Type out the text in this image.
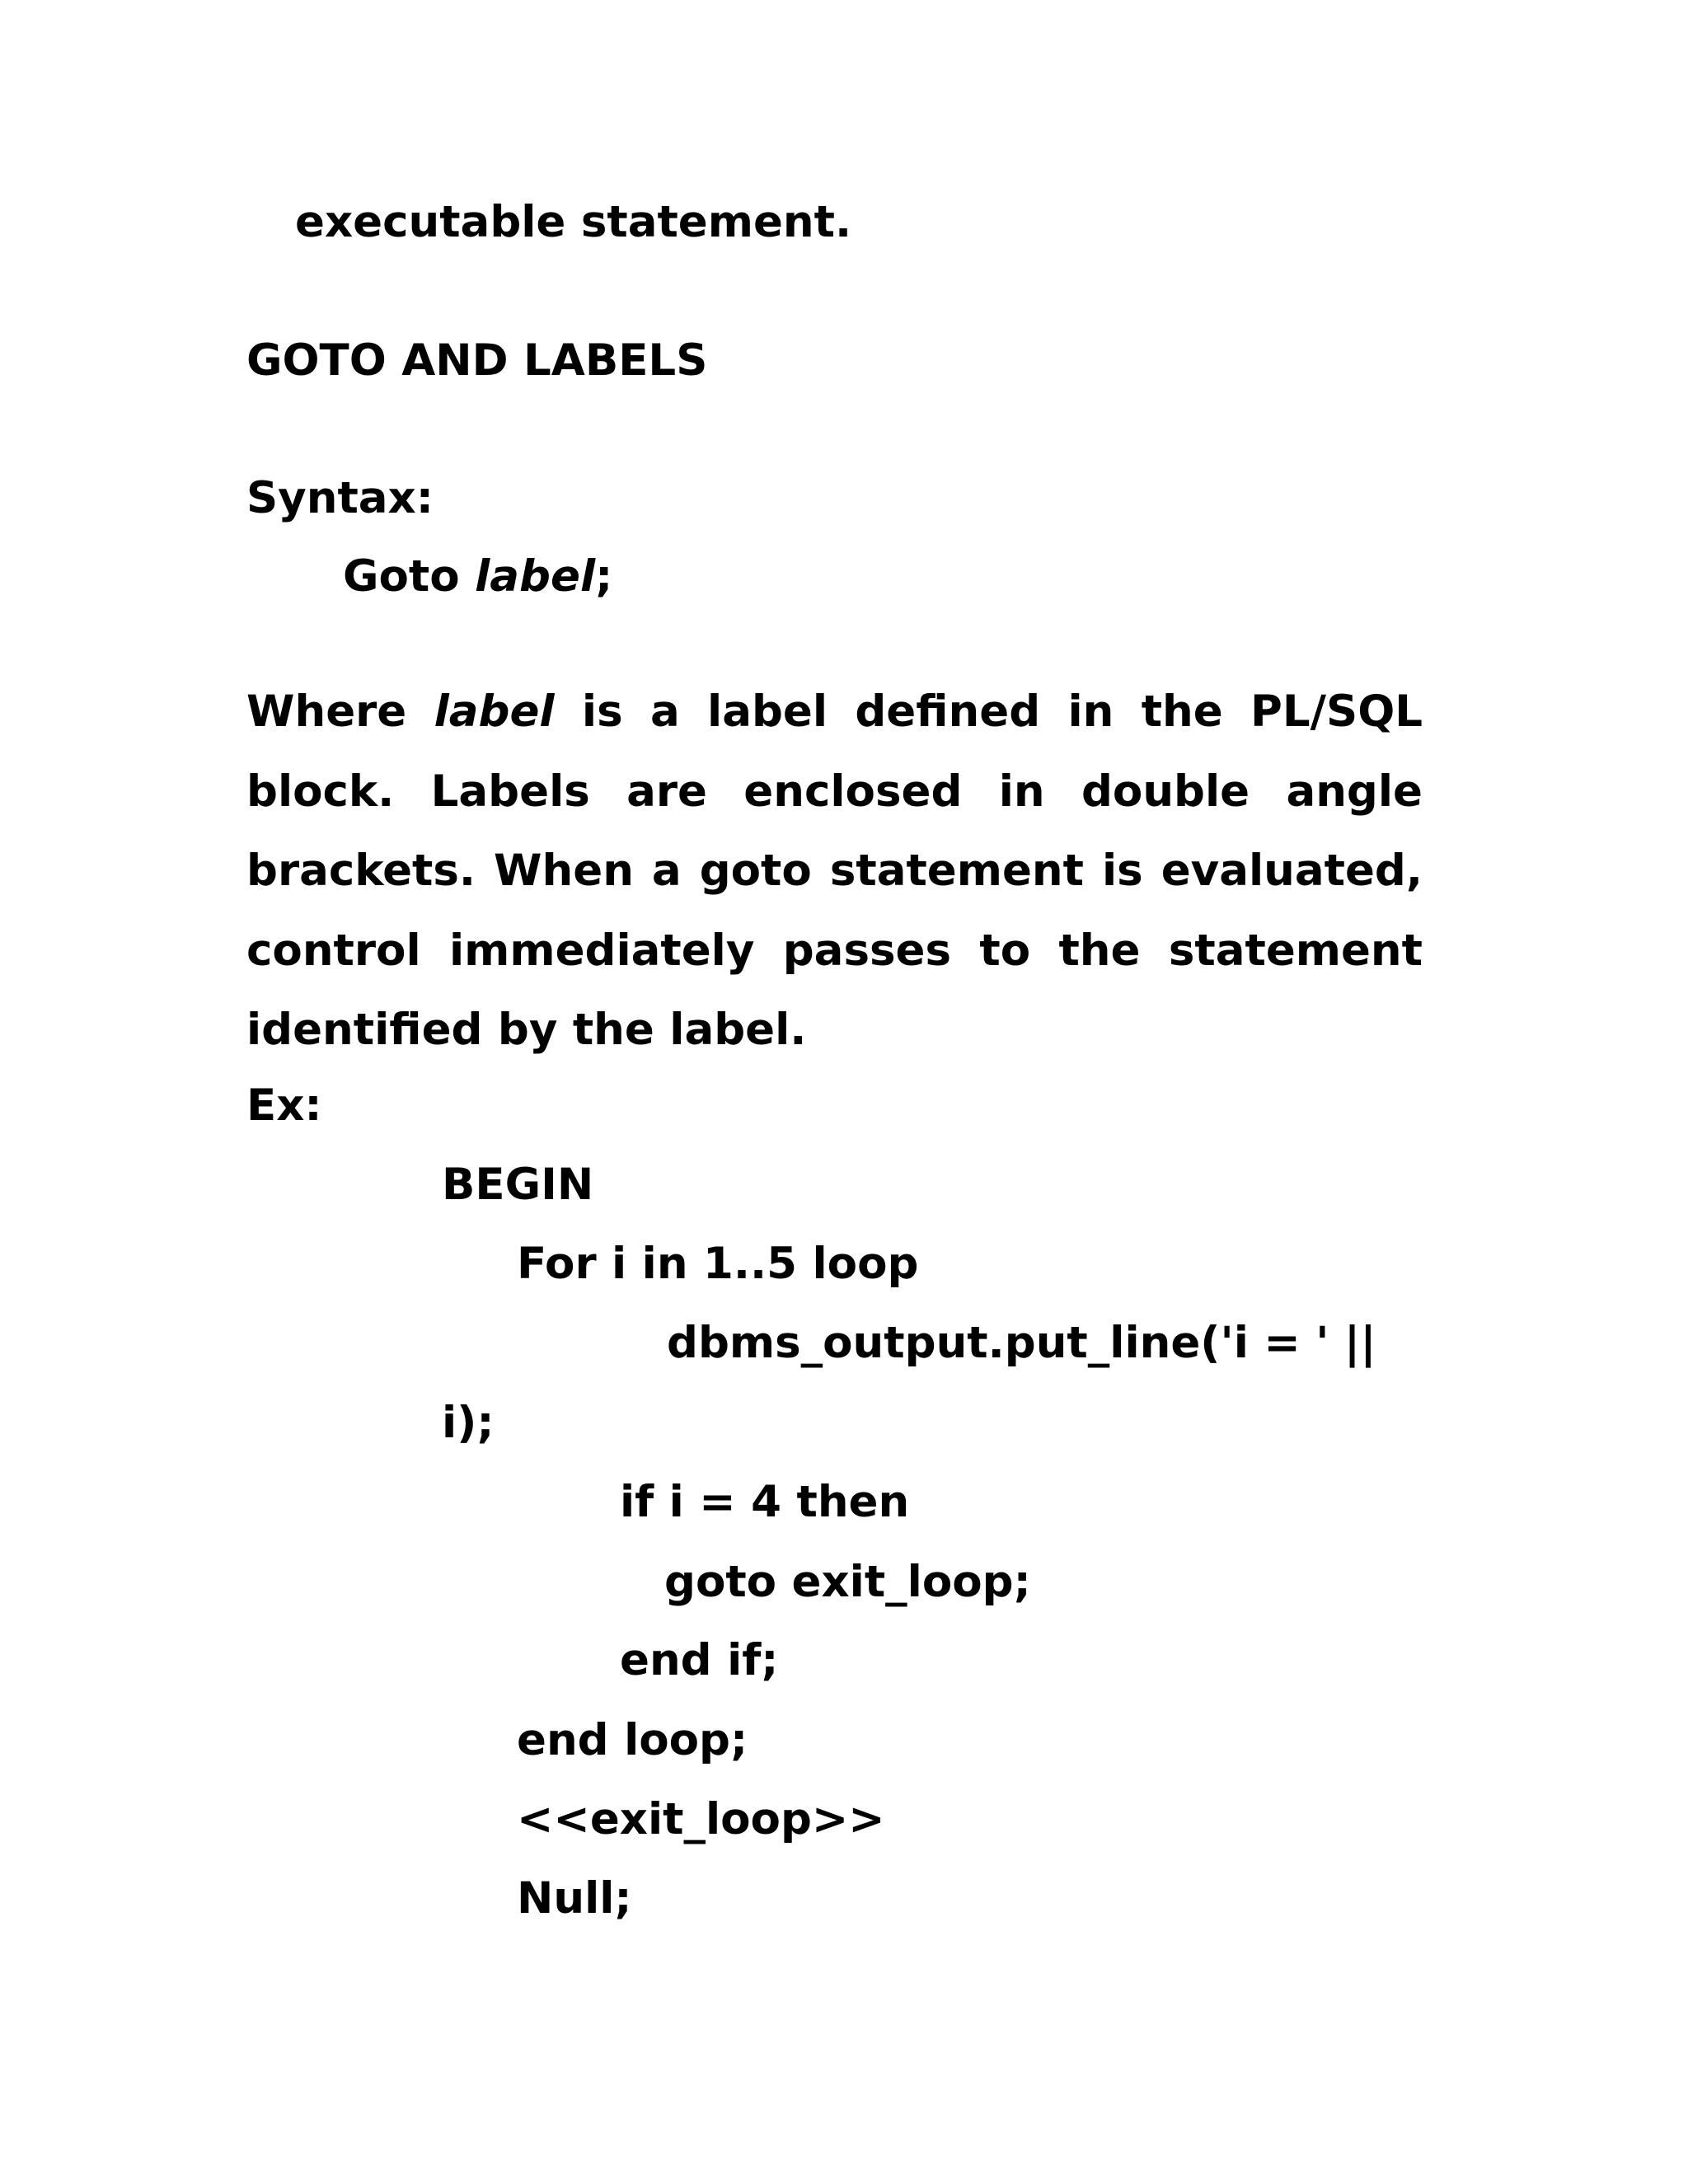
executable statement.
GOTO AND LABELS
Syntax:
Goto label;
Where label is a label defined in the PL/SQL
block. Labels are enclosed in double angle
brackets. When a goto statement is evaluated,
control immediately passes to the statement
identified by the label.
Ex:
BEGIN
For i in 1..5 loop
dbms_output.put_line('i = ' ||
i);
if i = 4 then
goto exit_loop;
end if;
end loop;
<<exit_loop>>
Null;
